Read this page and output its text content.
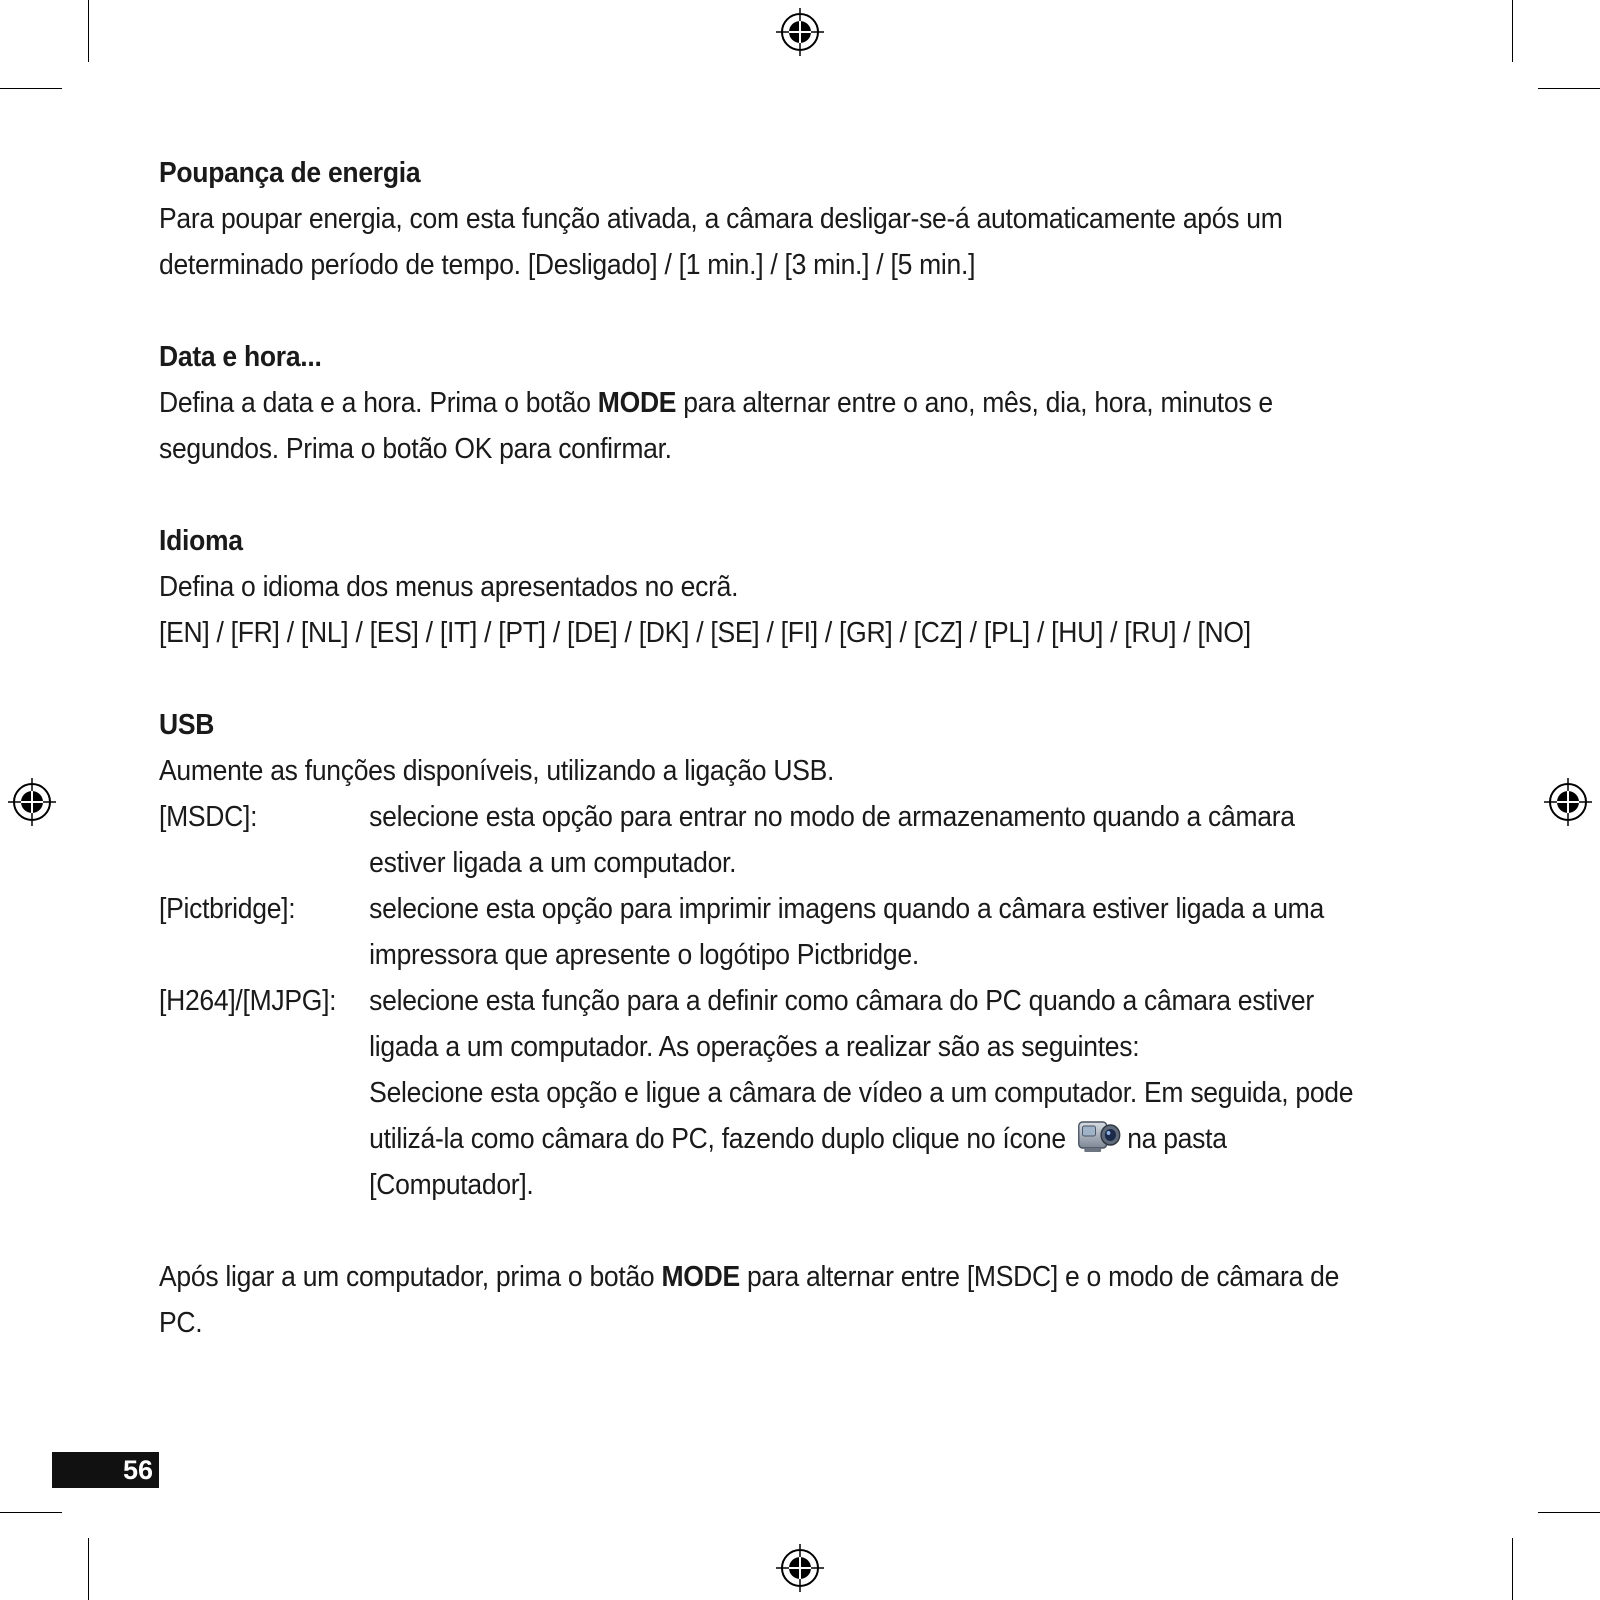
Poupança de energia
Para poupar energia, com esta função ativada, a câmara desligar-se-á automaticamente após um determinado período de tempo. [Desligado] / [1 min.] / [3 min.] / [5 min.]
Data e hora...
Defina a data e a hora. Prima o botão MODE para alternar entre o ano, mês, dia, hora, minutos e segundos. Prima o botão OK para confirmar.
Idioma
Defina o idioma dos menus apresentados no ecrã.
[EN] / [FR] / [NL] / [ES] / [IT] / [PT] / [DE] / [DK] / [SE] / [FI] / [GR] / [CZ] / [PL] / [HU] / [RU] / [NO]
USB
Aumente as funções disponíveis, utilizando a ligação USB.
[MSDC]:	selecione esta opção para entrar no modo de armazenamento quando a câmara estiver ligada a um computador.
[Pictbridge]:	selecione esta opção para imprimir imagens quando a câmara estiver ligada a uma impressora que apresente o logótipo Pictbridge.
[H264]/[MJPG]:	selecione esta função para a definir como câmara do PC quando a câmara estiver ligada a um computador. As operações a realizar são as seguintes:
Selecione esta opção e ligue a câmara de vídeo a um computador. Em seguida, pode utilizá-la como câmara do PC, fazendo duplo clique no ícone na pasta [Computador].
Após ligar a um computador, prima o botão MODE para alternar entre [MSDC] e o modo de câmara de PC.
56
